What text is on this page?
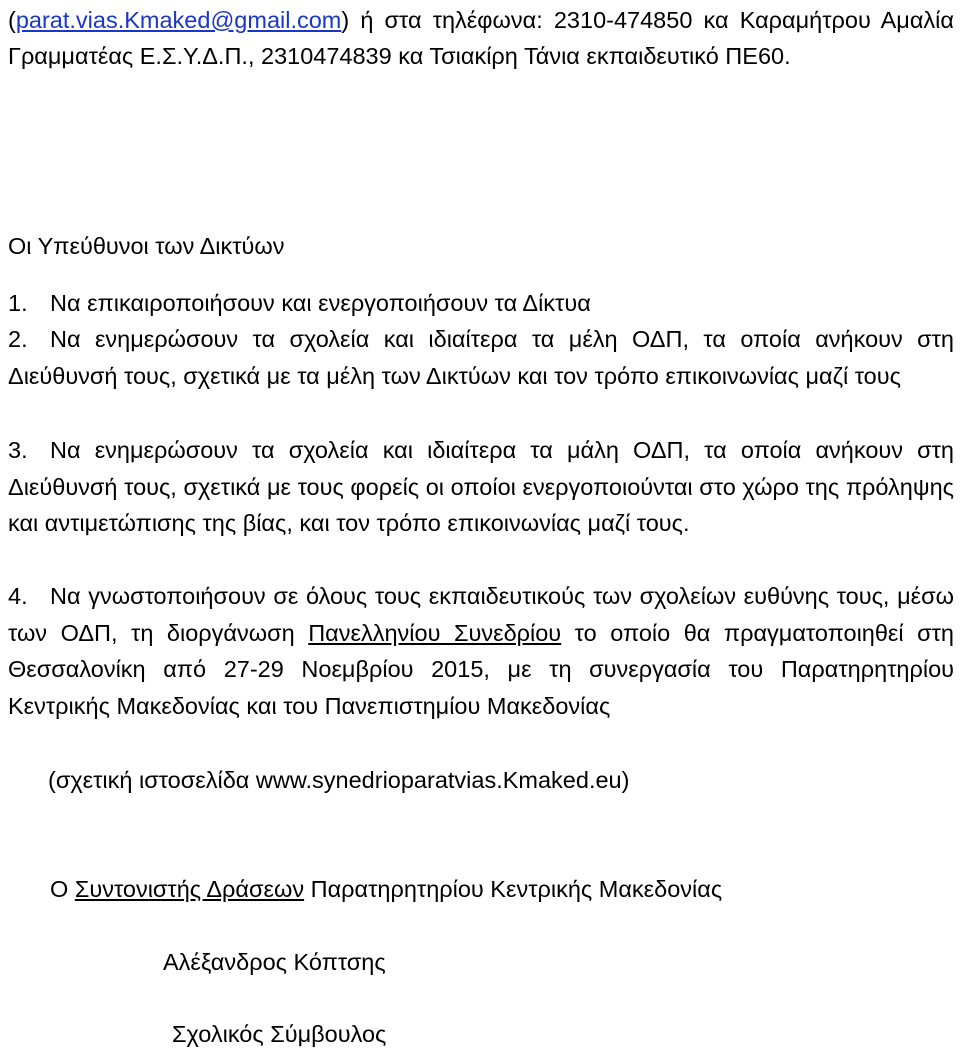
(parat.vias.Kmaked@gmail.com) ή στα τηλέφωνα: 2310-474850 κα Καραμήτρου Αμαλία Γραμματέας Ε.Σ.Υ.Δ.Π., 2310474839 κα Τσιακίρη Τάνια εκπαιδευτικό ΠΕ60.
Οι Υπεύθυνοι των Δικτύων
1. Να επικαιροποιήσουν και ενεργοποιήσουν τα Δίκτυα
2. Να ενημερώσουν τα σχολεία και ιδιαίτερα τα μέλη ΟΔΠ, τα οποία ανήκουν στη Διεύθυνσή τους, σχετικά με τα μέλη των Δικτύων και τον τρόπο επικοινωνίας μαζί τους
3. Να ενημερώσουν τα σχολεία και ιδιαίτερα τα μάλη ΟΔΠ, τα οποία ανήκουν στη Διεύθυνσή τους, σχετικά με τους φορείς οι οποίοι ενεργοποιούνται στο χώρο της πρόληψης και αντιμετώπισης της βίας, και τον τρόπο επικοινωνίας μαζί τους.
4. Να γνωστοποιήσουν σε όλους τους εκπαιδευτικούς των σχολείων ευθύνης τους, μέσω των ΟΔΠ, τη διοργάνωση Πανελληνίου Συνεδρίου το οποίο θα πραγματοποιηθεί στη Θεσσαλονίκη από 27-29 Νοεμβρίου 2015, με τη συνεργασία του Παρατηρητηρίου Κεντρικής Μακεδονίας και του Πανεπιστημίου Μακεδονίας
(σχετική ιστοσελίδα www.synedrioparatvias.Kmaked.eu)
Ο Συντονιστής Δράσεων Παρατηρητηρίου Κεντρικής Μακεδονίας
Αλέξανδρος Κόπτσης
Σχολικός Σύμβουλος
